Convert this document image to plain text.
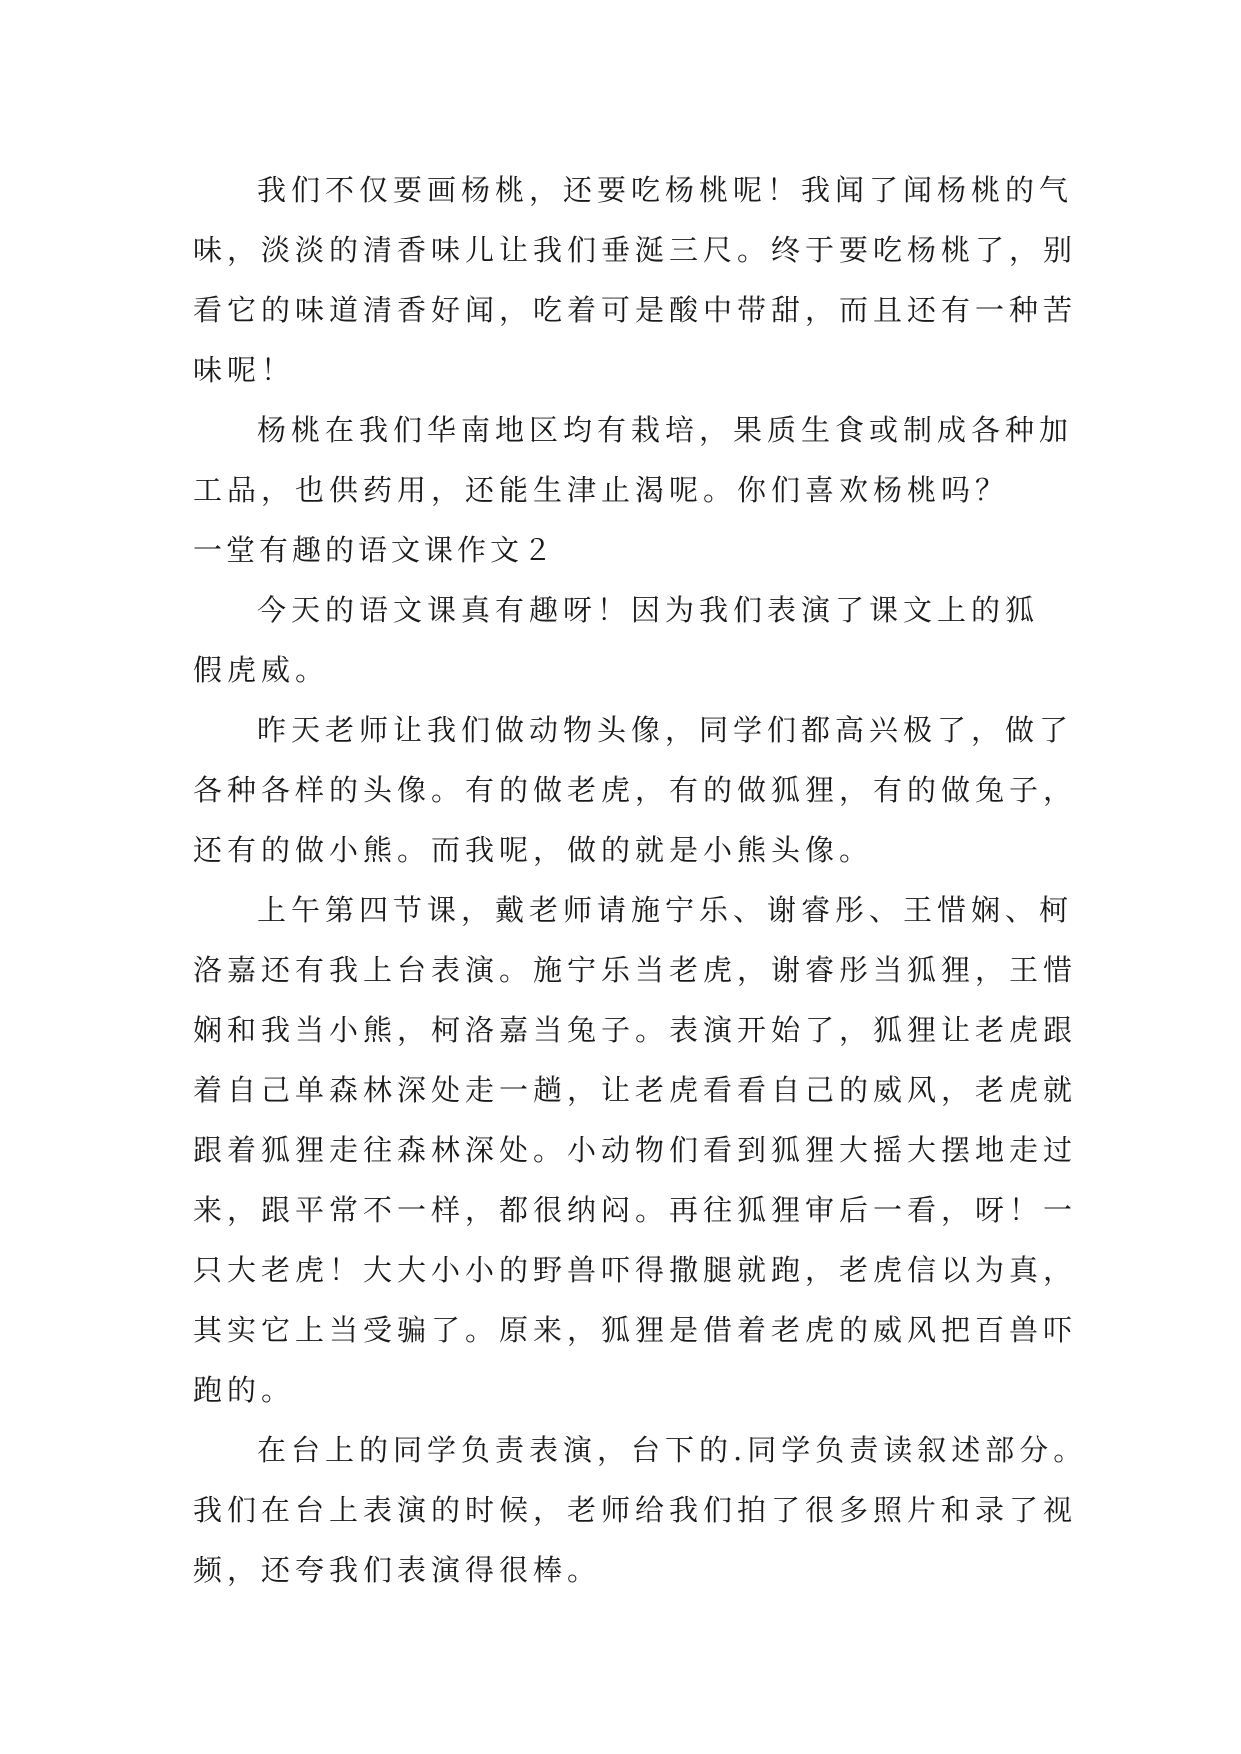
我们不仅要画杨桃，还要吃杨桃呢！我闻了闻杨桃的气
味，淡淡的清香味儿让我们垂涎三尺。终于要吃杨桃了，别
看它的味道清香好闻，吃着可是酸中带甜，而且还有一种苦
味呢！

杨桃在我们华南地区均有栽培，果质生食或制成各种加
工品，也供药用，还能生津止渴呢。你们喜欢杨桃吗？

一堂有趣的语文课作文２

今天的语文课真有趣呀！因为我们表演了课文上的狐
假虎威。

昨天老师让我们做动物头像，同学们都高兴极了，做了
各种各样的头像。有的做老虎，有的做狐狸，有的做兔子，
还有的做小熊。而我呢，做的就是小熊头像。

上午第四节课，戴老师请施宁乐、谢睿彤、王惜娴、柯
洛嘉还有我上台表演。施宁乐当老虎，谢睿彤当狐狸，王惜
娴和我当小熊，柯洛嘉当兔子。表演开始了，狐狸让老虎跟
着自己单森林深处走一趟，让老虎看看自己的威风，老虎就
跟着狐狸走往森林深处。小动物们看到狐狸大摇大摆地走过
来，跟平常不一样，都很纳闷。再往狐狸审后一看，呀！一
只大老虎！大大小小的野兽吓得撒腿就跑，老虎信以为真，
其实它上当受骗了。原来，狐狸是借着老虎的威风把百兽吓
跑的。

在台上的同学负责表演，台下的.同学负责读叙述部分。
我们在台上表演的时候，老师给我们拍了很多照片和录了视
频，还夸我们表演得很棒。
